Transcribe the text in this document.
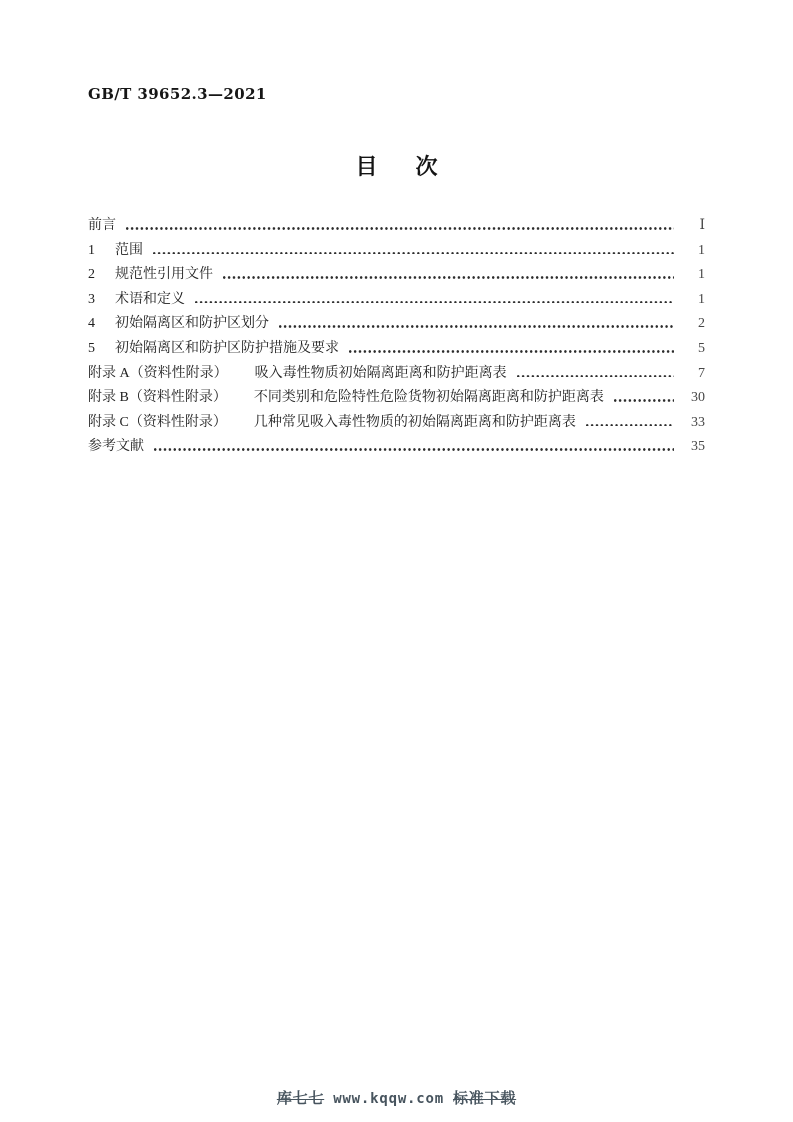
GB/T 39652.3—2021
目　次
前言	Ⅰ
1 范围	1
2 规范性引用文件	1
3 术语和定义	1
4 初始隔离区和防护区划分	2
5 初始隔离区和防护区防护措施及要求	5
附录 A（资料性附录） 吸入毒性物质初始隔离距离和防护距离表	7
附录 B（资料性附录） 不同类别和危险特性危险货物初始隔离距离和防护距离表	30
附录 C（资料性附录） 几种常见吸入毒性物质的初始隔离距离和防护距离表	33
参考文献	35
库七七 www.kqqw.com 标准下载
